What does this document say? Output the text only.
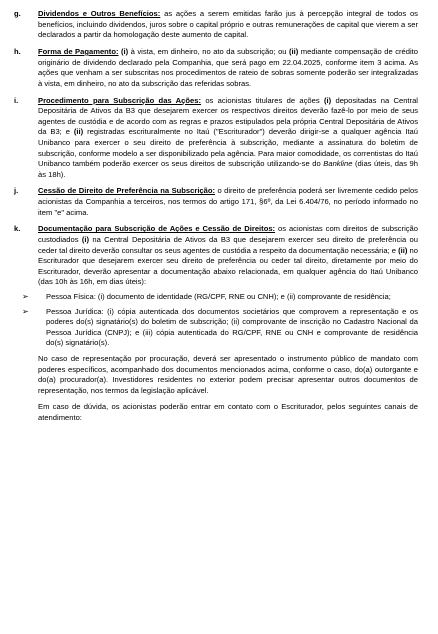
g. Dividendos e Outros Benefícios: as ações a serem emitidas farão jus à percepção integral de todos os benefícios, incluindo dividendos, juros sobre o capital próprio e outras remunerações de capital que vierem a ser declarados a partir da homologação deste aumento de capital.

h. Forma de Pagamento: (i) à vista, em dinheiro, no ato da subscrição; ou (ii) mediante compensação de crédito originário de dividendo declarado pela Companhia, que será pago em 22.04.2025, conforme item 3 acima. As ações que venham a ser subscritas nos procedimentos de rateio de sobras somente poderão ser integralizadas à vista, em dinheiro, no ato da subscrição das referidas sobras.

i.	Procedimento para Subscrição das Ações: os acionistas titulares de ações (i) depositadas na Central Depositária de Ativos da B3 que desejarem exercer os respectivos direitos deverão fazê-lo por meio de seus agentes de custódia e de acordo com as regras e prazos estipulados pela própria Central Depositária de Ativos da B3; e (ii) registradas escrituralmente no Itaú ("Escriturador") deverão dirigir-se a qualquer agência Itaú Unibanco para exercer o seu direito de preferência à subscrição, mediante a assinatura do boletim de subscrição, conforme modelo a ser disponibilizado pela agência. Para maior comodidade, os correntistas do Itaú Unibanco também poderão exercer os seus direitos de subscrição utilizando-se do Bankline (dias úteis, das 9h às 18h).

j.	Cessão de Direito de Preferência na Subscrição: o direito de preferência poderá ser livremente cedido pelos acionistas da Companhia a terceiros, nos termos do artigo 171, §6º, da Lei 6.404/76, no período informado no item "e" acima.

k. Documentação para Subscrição de Ações e Cessão de Direitos: os acionistas com direitos de subscrição custodiados (i) na Central Depositária de Ativos da B3 que desejarem exercer seu direito de preferência ou ceder tal direito deverão consultar os seus agentes de custódia a respeito da documentação necessária; e (ii) no Escriturador que desejarem exercer seu direito de preferência ou ceder tal direito, diretamente por meio do Escriturador, deverão apresentar a documentação abaixo relacionada, em qualquer agência do Itaú Unibanco (das 10h às 16h, em dias úteis):

➢ Pessoa Física: (i) documento de identidade (RG/CPF, RNE ou CNH); e (ii) comprovante de residência;

➢ Pessoa Jurídica: (i) cópia autenticada dos documentos societários que comprovem a representação e os poderes do(s) signatário(s) do boletim de subscrição; (ii) comprovante de inscrição no Cadastro Nacional da Pessoa Jurídica (CNPJ); e (iii) cópia autenticada do RG/CPF, RNE ou CNH e comprovante de residência do(s) signatário(s).

No caso de representação por procuração, deverá ser apresentado o instrumento público de mandato com poderes específicos, acompanhado dos documentos mencionados acima, conforme o caso, do(a) outorgante e do(a) procurador(a). Investidores residentes no exterior podem precisar apresentar outros documentos de representação, nos termos da legislação aplicável.

Em caso de dúvida, os acionistas poderão entrar em contato com o Escriturador, pelos seguintes canais de atendimento:
